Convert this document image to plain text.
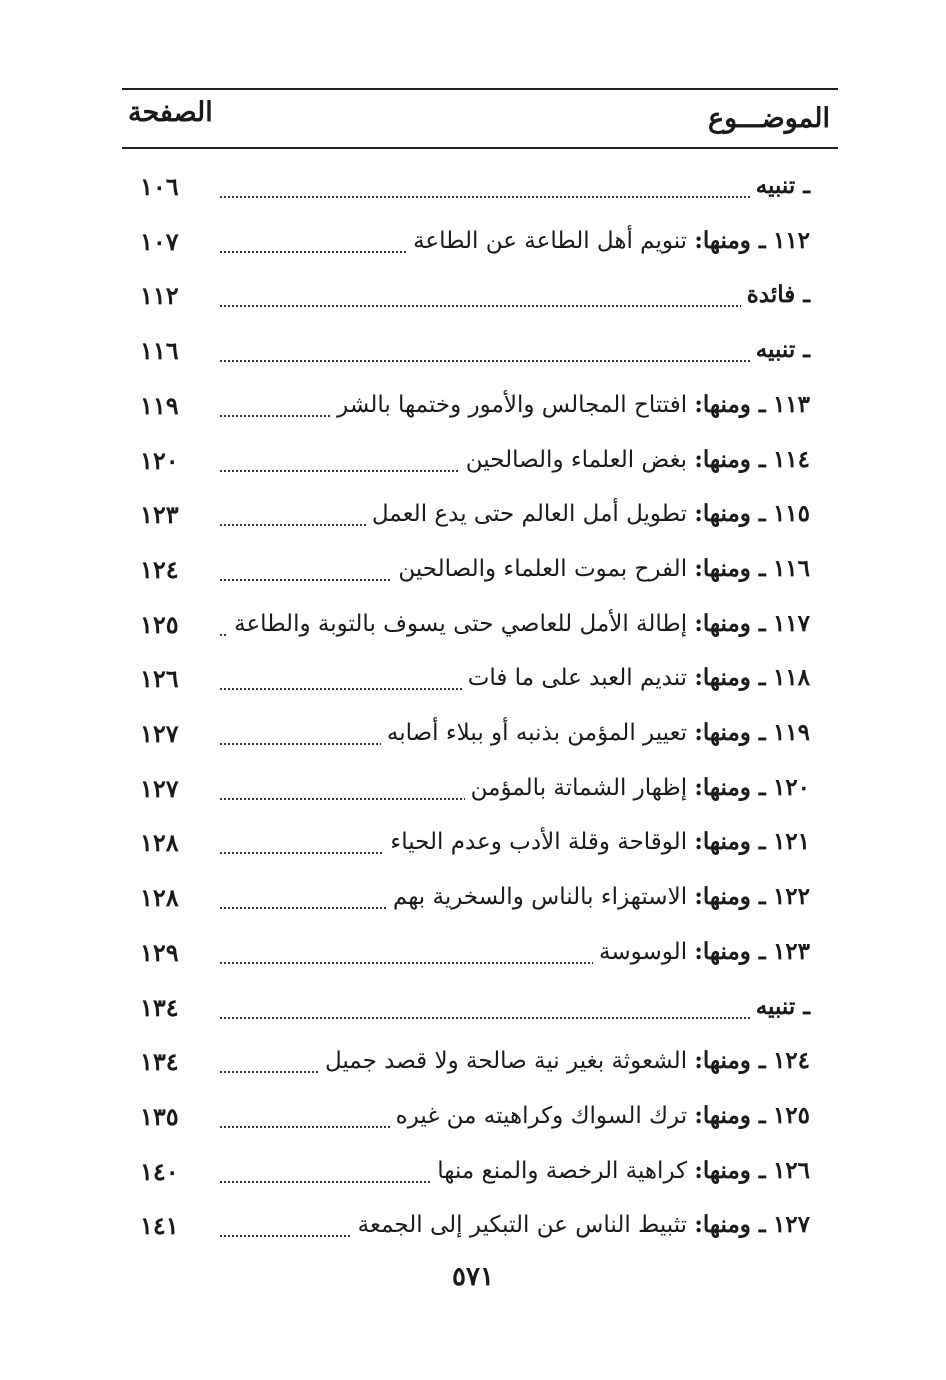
الموضـــوع
الصفحة
ـ تنبيه
١٠٦
١١٢ ـ ومنها: تنويم أهل الطاعة عن الطاعة
١٠٧
ـ فائدة
١١٢
ـ تنبيه
١١٦
١١٣ ـ ومنها: افتتاح المجالس والأمور وختمها بالشر
١١٩
١١٤ ـ ومنها: بغض العلماء والصالحين
١٢٠
١١٥ ـ ومنها: تطويل أمل العالم حتى يدع العمل
١٢٣
١١٦ ـ ومنها: الفرح بموت العلماء والصالحين
١٢٤
١١٧ ـ ومنها: إطالة الأمل للعاصي حتى يسوف بالتوبة والطاعة
١٢٥
١١٨ ـ ومنها: تنديم العبد على ما فات
١٢٦
١١٩ ـ ومنها: تعيير المؤمن بذنبه أو ببلاء أصابه
١٢٧
١٢٠ ـ ومنها: إظهار الشماتة بالمؤمن
١٢٧
١٢١ ـ ومنها: الوقاحة وقلة الأدب وعدم الحياء
١٢٨
١٢٢ ـ ومنها: الاستهزاء بالناس والسخرية بهم
١٢٨
١٢٣ ـ ومنها: الوسوسة
١٢٩
ـ تنبيه
١٣٤
١٢٤ ـ ومنها: الشعوثة بغير نية صالحة ولا قصد جميل
١٣٤
١٢٥ ـ ومنها: ترك السواك وكراهيته من غيره
١٣٥
١٢٦ ـ ومنها: كراهية الرخصة والمنع منها
١٤٠
١٢٧ ـ ومنها: تثبيط الناس عن التبكير إلى الجمعة
١٤١
٥٧١
